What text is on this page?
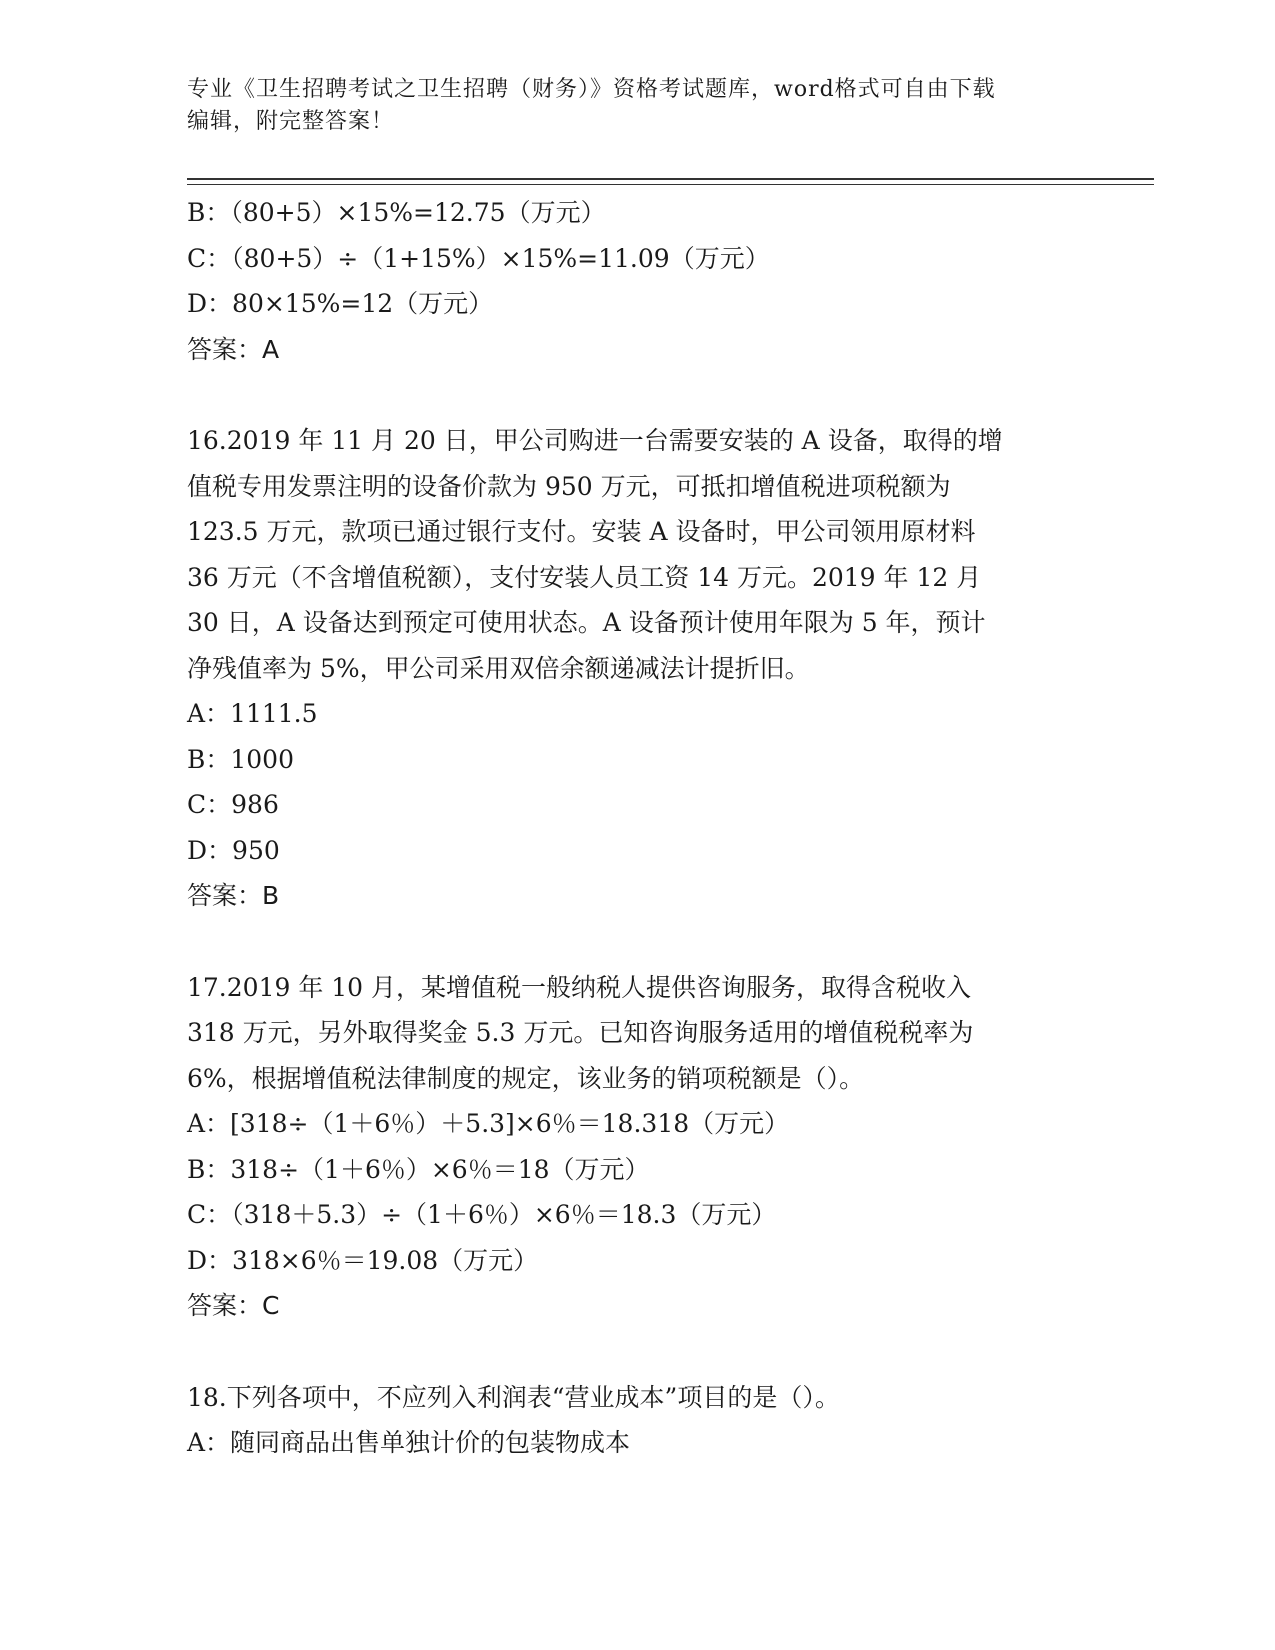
专业《卫生招聘考试之卫生招聘（财务）》资格考试题库，word格式可自由下载
编辑，附完整答案！
B：（80+5）×15%=12.75（万元）
C：（80+5）÷（1+15%）×15%=11.09（万元）
D：80×15%=12（万元）
答案：A
16.2019 年 11 月 20 日，甲公司购进一台需要安装的 A 设备，取得的增
值税专用发票注明的设备价款为 950 万元，可抵扣增值税进项税额为
123.5 万元，款项已通过银行支付。安装 A 设备时，甲公司领用原材料
36 万元（不含增值税额），支付安装人员工资 14 万元。2019 年 12 月
30 日，A 设备达到预定可使用状态。A 设备预计使用年限为 5 年，预计
净残值率为 5%，甲公司采用双倍余额递减法计提折旧。
A：1111.5
B：1000
C：986
D：950
答案：B
17.2019 年 10 月，某增值税一般纳税人提供咨询服务，取得含税收入
318 万元，另外取得奖金 5.3 万元。已知咨询服务适用的增值税税率为
6%，根据增值税法律制度的规定，该业务的销项税额是（）。
A：[318÷（1＋6％）＋5.3]×6％＝18.318（万元）
B：318÷（1＋6％）×6％＝18（万元）
C：（318＋5.3）÷（1＋6％）×6％＝18.3（万元）
D：318×6％＝19.08（万元）
答案：C
18.下列各项中，不应列入利润表“营业成本”项目的是（）。
A：随同商品出售单独计价的包装物成本
